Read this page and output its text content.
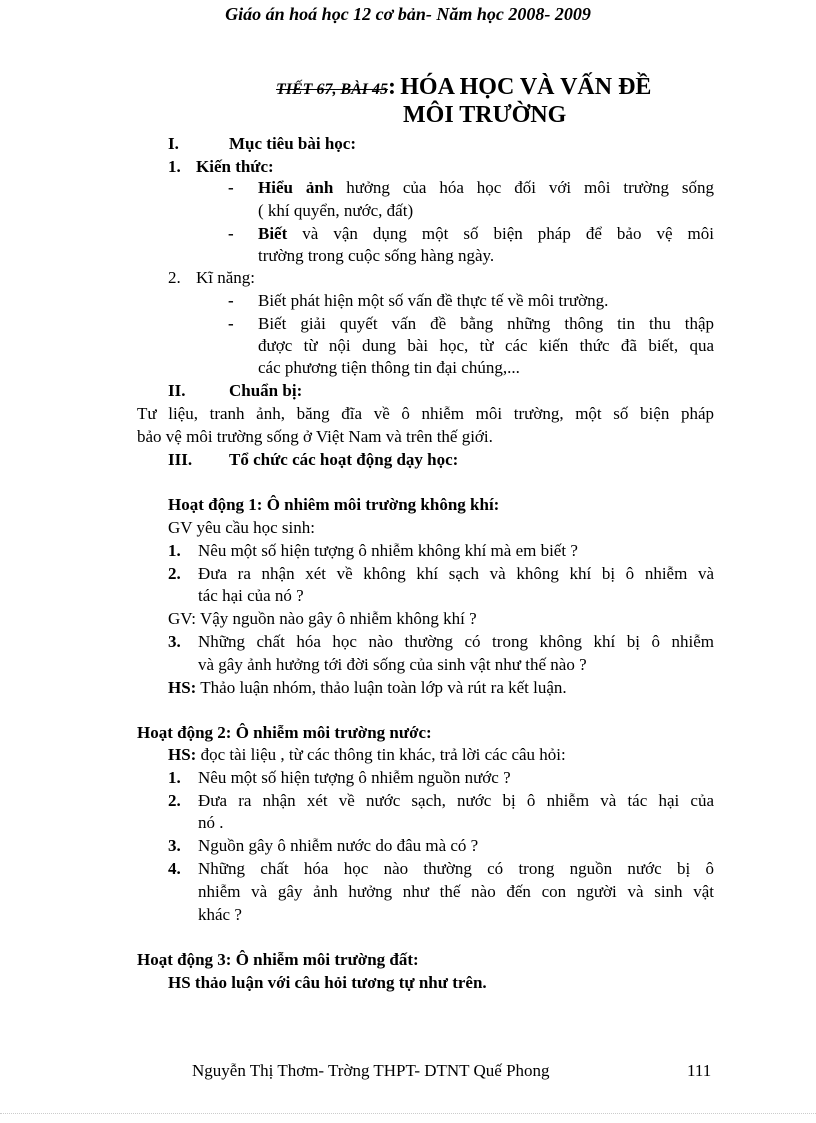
Giáo án hoá học 12 cơ bản- Năm học 2008- 2009
TIẾT 67, BÀI 45: HÓA HỌC VÀ VẤN ĐỀ
MÔI TRƯỜNG
I.	Mục tiêu bài học:
1. Kiến thức:
- Hiểu ảnh hưởng của hóa học đối với môi trường sống
( khí quyển, nước, đất)
- Biết và vận dụng một số biện pháp để bảo vệ môi
trường trong cuộc sống hàng ngày.
2. Kĩ năng:
- Biết phát hiện một số vấn đề thực tế về môi trường.
- Biết giải quyết vấn đề bằng những thông tin thu thập
được từ nội dung bài học, từ các kiến thức đã biết, qua
các phương tiện thông tin đại chúng,...
II.	Chuẩn bị:
Tư liệu, tranh ảnh, băng đĩa về ô nhiễm môi trường, một số biện pháp
bảo vệ môi trường sống ở Việt Nam và trên thế giới.
III. Tổ chức các hoạt động dạy học:
Hoạt động 1: Ô nhiêm môi trường không khí:
GV yêu cầu học sinh:
1. Nêu một số hiện tượng ô nhiễm không khí mà em biết ?
2. Đưa ra nhận xét về không khí sạch và không khí bị ô nhiễm và
tác hại của nó ?
GV: Vậy nguồn nào gây ô nhiễm không khí ?
3. Những chất hóa học nào thường có trong không khí bị ô nhiễm
và gây ảnh hưởng tới đời sống của sinh vật như thế nào ?
HS: Thảo luận nhóm, thảo luận toàn lớp và rút ra kết luận.
Hoạt động 2: Ô nhiễm môi trường nước:
HS: đọc tài liệu , từ các thông tin khác, trả lời các câu hỏi:
1. Nêu một số hiện tượng ô nhiễm nguồn nước ?
2. Đưa ra nhận xét về nước sạch, nước bị ô nhiễm và tác hại của
nó .
3. Nguồn gây ô nhiễm nước do đâu mà có ?
4. Những chất hóa học nào thường có trong nguồn nước bị ô
nhiễm và gây ảnh hưởng như thế nào đến con người và sinh vật
khác ?
Hoạt động 3: Ô nhiễm môi trường đất:
HS thảo luận với câu hỏi tương tự như trên.
Nguyễn Thị Thơm- Trờng THPT- DTNT Quế Phong	111
